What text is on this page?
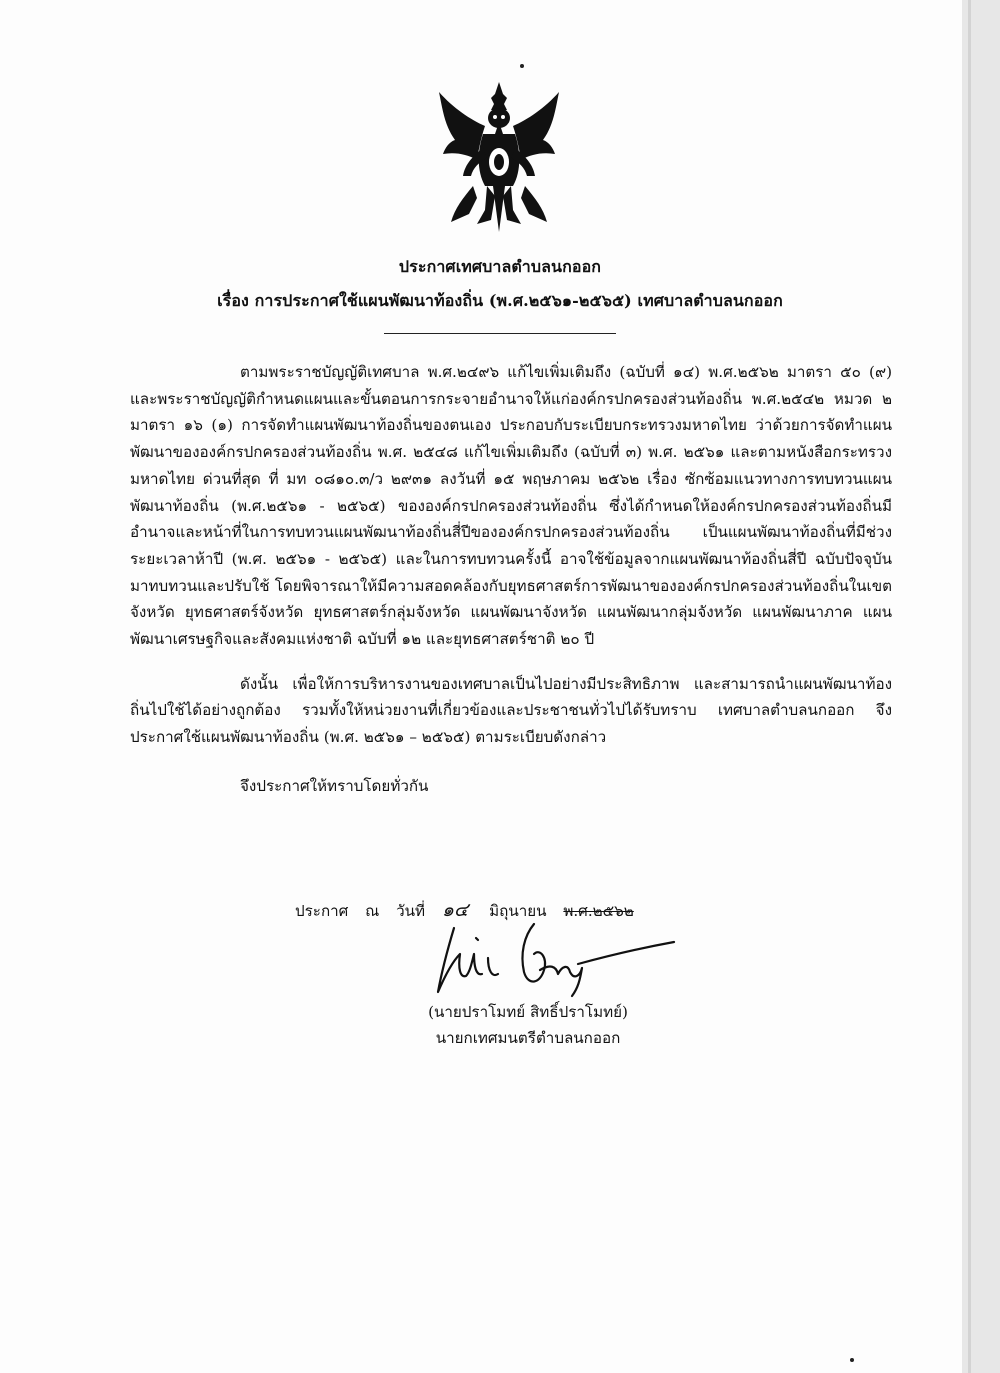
ประกาศเทศบาลตำบลนกออก
เรื่อง การประกาศใช้แผนพัฒนาท้องถิ่น (พ.ศ.๒๕๖๑-๒๕๖๕) เทศบาลตำบลนกออก

ตามพระราชบัญญัติเทศบาล พ.ศ.๒๔๙๖ แก้ไขเพิ่มเติมถึง (ฉบับที่ ๑๔) พ.ศ.๒๕๖๒ มาตรา ๕๐ (๙) และพระราชบัญญัติกำหนดแผนและขั้นตอนการกระจายอำนาจให้แก่องค์กรปกครองส่วนท้องถิ่น พ.ศ.๒๕๔๒ หมวด ๒ มาตรา ๑๖ (๑) การจัดทำแผนพัฒนาท้องถิ่นของตนเอง ประกอบกับระเบียบกระทรวงมหาดไทย ว่าด้วยการจัดทำแผนพัฒนาขององค์กรปกครองส่วนท้องถิ่น พ.ศ. ๒๕๔๘ แก้ไขเพิ่มเติมถึง (ฉบับที่ ๓) พ.ศ. ๒๕๖๑ และตามหนังสือกระทรวงมหาดไทย ด่วนที่สุด ที่ มท ๐๘๑๐.๓/ว ๒๙๓๑ ลงวันที่ ๑๕ พฤษภาคม ๒๕๖๒ เรื่อง ซักซ้อมแนวทางการทบทวนแผนพัฒนาท้องถิ่น (พ.ศ.๒๕๖๑ - ๒๕๖๕) ขององค์กรปกครองส่วนท้องถิ่น ซึ่งได้กำหนดให้องค์กรปกครองส่วนท้องถิ่นมีอำนาจและหน้าที่ในการทบทวนแผนพัฒนาท้องถิ่นสี่ปีขององค์กรปกครองส่วนท้องถิ่น เป็นแผนพัฒนาท้องถิ่นที่มีช่วงระยะเวลาห้าปี (พ.ศ. ๒๕๖๑ - ๒๕๖๕) และในการทบทวนครั้งนี้ อาจใช้ข้อมูลจากแผนพัฒนาท้องถิ่นสี่ปี ฉบับปัจจุบันมาทบทวนและปรับใช้ โดยพิจารณาให้มีความสอดคล้องกับยุทธศาสตร์การพัฒนาขององค์กรปกครองส่วนท้องถิ่นในเขตจังหวัด ยุทธศาสตร์จังหวัด ยุทธศาสตร์กลุ่มจังหวัด แผนพัฒนาจังหวัด แผนพัฒนากลุ่มจังหวัด แผนพัฒนาภาค แผนพัฒนาเศรษฐกิจและสังคมแห่งชาติ ฉบับที่ ๑๒ และยุทธศาสตร์ชาติ ๒๐ ปี

ดังนั้น เพื่อให้การบริหารงานของเทศบาลเป็นไปอย่างมีประสิทธิภาพ และสามารถนำแผนพัฒนาท้องถิ่นไปใช้ได้อย่างถูกต้อง รวมทั้งให้หน่วยงานที่เกี่ยวข้องและประชาชนทั่วไปได้รับทราบ เทศบาลตำบลนกออก จึงประกาศใช้แผนพัฒนาท้องถิ่น (พ.ศ. ๒๕๖๑ – ๒๕๖๕) ตามระเบียบดังกล่าว

จึงประกาศให้ทราบโดยทั่วกัน

ประกาศ ณ วันที่ ๑๔ มิถุนายน พ.ศ.๒๕๖๒
(นายปราโมทย์ สิทธิ์ปราโมทย์)
นายกเทศมนตรีตำบลนกออก
